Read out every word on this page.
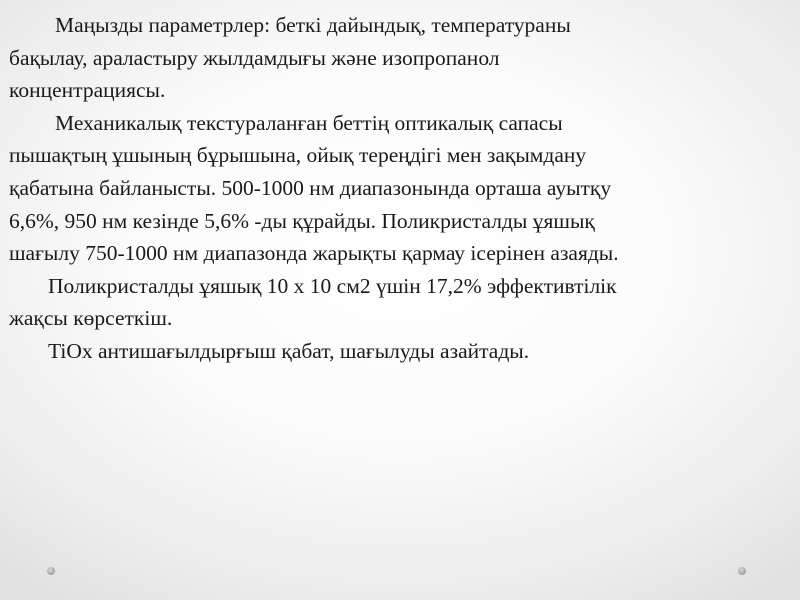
Маңызды параметрлер: беткі дайындық, температураны
бақылау, араластыру жылдамдығы және изопропанол
концентрациясы.

Механикалық текстураланған беттің оптикалық сапасы
пышақтың ұшының бұрышына, ойық тереңдігі мен зақымдану
қабатына байланысты. 500-1000 нм диапазонында орташа ауытқу
6,6%, 950 нм кезінде 5,6% -ды құрайды. Поликристалды ұяшық
шағылу 750-1000 нм диапазонда жарықты қармау ісерінен азаяды.

Поликристалды ұяшық 10 х 10 см2 үшін 17,2% эффективтілік
жақсы көрсеткіш.

TiOx антишағылдырғыш қабат, шағылуды азайтады.
